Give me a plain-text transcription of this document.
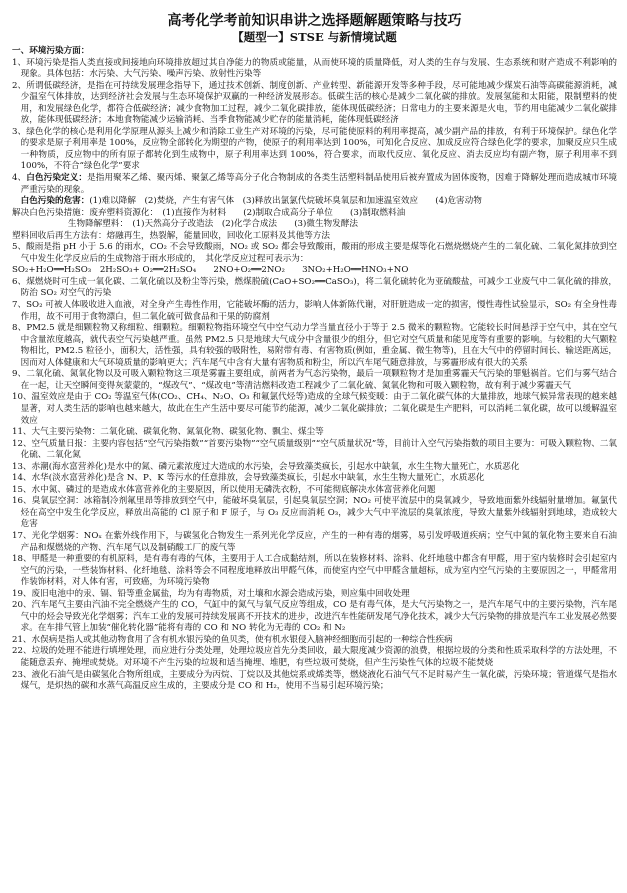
高考化学考前知识串讲之选择题解题策略与技巧

【题型一】STSE 与新情境试题

一、环境污染方面：

1、环境污染是指人类直接或间接地向环境排放超过其自净能力的物质或能量，从而使环境的质量降低，对人类的生存与发展、生态系统和财产造成不利影响的现象。具体包括：水污染、大气污染、噪声污染、放射性污染等

2、所谓低碳经济，是指在可持续发展理念指导下，通过技术创新、制度创新、产业转型、新能源开发等多种手段，尽可能地减少煤炭石油等高碳能源消耗，减少温室气体排放，达到经济社会发展与生态环境保护双赢的一种经济发展形态。低碳生活的核心是减少二氧化碳的排放。发展氢能和太阳能，限制塑料的使用，和发展绿色化学，都符合低碳经济；减少食物加工过程，减少二氧化碳排放，能体现低碳经济；日常电力的主要来源是火电，节约用电能减少二氧化碳排放，能体现低碳经济；本地食物能减少运输消耗、当季食物能减少贮存的能量消耗，能体现低碳经济

3、绿色化学的核心是利用化学原理从源头上减少和消除工业生产对环境的污染，尽可能使原料的利用率提高，减少副产品的排放，有利于环境保护。绿色化学的要求是原子利用率是 100%，反应物全部转化为期望的产物，使原子的利用率达到 100%，可知化合反应、加成反应符合绿色化学的要求，加聚反应只生成一种物质，反应物中的所有原子都转化到生成物中，原子利用率达到 100%，符合要求，而取代反应、氧化反应、消去反应均有副产物，原子利用率不到 100%，不符合“绿色化学”要求

4、白色污染定义：是指用聚苯乙烯、聚丙烯、聚氯乙烯等高分子化合物制成的各类生活塑料制品使用后被弃置成为固体废物，因难于降解处理而造成城市环境严重污染的现象。

　白色污染的危害：(1)难以降解　(2)焚烧，产生有害气体　(3)释放出氯氯代烷破坏臭氧层和加速温室效应　　(4)危害动物

解决白色污染措施：废弃塑料资源化：　(1)直接作为材料　　(2)制取合成高分子单位　　(3)制取燃料油

生物降解塑料：　(1)天然高分子改造法　(2)化学合成法　　(3)微生物发酵法

塑料回收后再生方法有：熔融再生，热裂解，能量回收，回收化工原料及其他等方法

5、酸雨是指 pH 小于 5.6 的雨水，CO₂ 不会导致酸雨，NO₂ 或 SO₂ 都会导致酸雨，酸雨的形成主要是煤等化石燃烧燃烧产生的二氧化硫、二氧化氮排放到空气中发生化学反应后的生成物溶于雨水形成的，　其化学反应过程可表示为：

SO₂+H₂O══H₂SO₃　2H₂SO₃+ O₂══2H₂SO₄　　2NO+O₂══2NO₂　　3NO₂+H₂O══HNO₃+NO

6、煤燃烧时可生成一氧化碳、二氧化硫以及粉尘等污染，燃煤脱硫(CaO+SO₂══CaSO₃)，将二氧化硫转化为亚硫酸盐，可减少工业废气中二氧化硫的排放，防治 SO₂ 对空气的污染

7、SO₂ 可被人体吸收进入血液，对全身产生毒性作用，它能破坏酶的活力，影响人体新陈代谢，对肝脏造成一定的损害，慢性毒性试验显示，SO₂ 有全身性毒作用，故不可用于食物漂白，但二氧化硫可做食品和干果的防腐剂

8、PM2.5 就是细颗粒物又称细粒、细颗粒。细颗粒物指环境空气中空气动力学当量直径小于等于 2.5 微米的颗粒物。它能较长时间悬浮于空气中，其在空气中含量浓度越高，就代表空气污染越严重。虽然 PM2.5 只是地球大气成分中含量很少的组分，但它对空气质量和能见度等有重要的影响。与较粗的大气颗粒物相比，PM2.5 粒径小，面积大，活性强，具有较强的吸附性，易附带有毒、有害物质(例如，重金属、微生物等)，且在大气中的停留时间长、输送距离远，因而对人体健康和大气环境质量的影响更大；汽车尾气中含有大量有害物质和粉尘，所以汽车尾气随意排放，与雾霾形成有很大的关系

9、二氧化硫、氮氧化物以及可吸入颗粒物这三项是雾霾主要组成，前两者为气态污染物，最后一项颗粒物才是加重雾霾天气污染的罪魁祸首。它们与雾气结合在一起，让天空瞬间变得灰蒙蒙的，“煤改气”、“煤改电”等清洁燃料改造工程减少了二氧化硫、氮氧化物和可吸入颗粒物，故有利于减少雾霾天气

10、温室效应是由于 CO₂ 等温室气体(CO₂、CH₄、N₂O、O₃ 和氟氯代烃等)造成的全球气候变暖：由于二氧化碳气体的大量排放，地球气候异常表现的越来越显著，对人类生活的影响也越来越大，故此在生产生活中要尽可能节约能源，减少二氧化碳排放；二氧化碳是生产肥料，可以消耗二氧化碳，故可以缓解温室效应

11、大气主要污染物：二氧化硫、碳氧化物、氮氧化物、碳氢化物、飘尘、煤尘等

12、空气质量日报：主要内容包括“空气污染指数”“首要污染物”“空气质量级别”“空气质量状况”等，目前计入空气污染指数的项目主要为：可吸入颗粒物、二氧化硫、二氧化氮

13、赤潮(海水富营养化)是水中的氮、磷元素浓度过大造成的水污染，会导致藻类疯长，引起水中缺氧，水生生物大量死亡，水质恶化

14、水华(淡水富营养化)是含 N、P、K 等污水的任意排放，会导致藻类疯长，引起水中缺氧，水生生物大量死亡，水质恶化

15、水中氮、磷过的是造成水体富营养化的主要原因，所以使用无磷洗衣粉，不可能彻底解决水体富营养化问题

16、臭氧层空洞：冰箱制冷剂氟里昂等排放到空气中，能破坏臭氧层，引起臭氧层空洞；NO₂ 可使平流层中的臭氧减少，导致地面紫外线辐射量增加。氟氯代烃在高空中发生化学反应，释放出高能的 Cl 原子和 F 原子，与 O₃ 反应而消耗 O₃，减少大气中平流层的臭氧浓度，导致大量紫外线辐射到地球，造成较大危害

17、光化学烟雾：NOₓ 在紫外线作用下，与碳氢化合物发生一系列光化学反应，产生的一种有毒的烟雾，易引发呼吸道疾病；空气中氮的氧化物主要来自石油产品和煤燃烧的产物、汽车尾气以及制硝酸工厂的废气等

18、甲醛是一种重要的有机原料，是有毒有毒的气体，主要用于人工合成黏结剂，所以在装修材料、涂料、化纤地毯中都含有甲醛，用于室内装修时会引起室内空气的污染，一些装饰材料、化纤地毯、涂料等会不同程度地释放出甲醛气体，而使室内空气中甲醛含量超标，成为室内空气污染的主要原因之一，甲醛常用作装饰材料，对人体有害，可致癌，为环境污染物

19、废旧电池中的汞、镉、铅等重金属盐，均为有毒物质，对土壤和水源会造成污染，则应集中回收处理

20、汽车尾气主要由汽油不完全燃烧产生的 CO，气缸中的氮气与氧气反应等组成，CO 是有毒气体，是大气污染物之一，是汽车尾气中的主要污染物，汽车尾气中的烃会导致光化学烟雾；汽车工业的发展可持续发展离不开技术的进步，改进汽车性能研发尾气净化技术，减少大气污染物的排放是汽车工业发展必然要求。在车排气管上加装“催化转化器”能将有毒的 CO 和 NO 转化为无毒的 CO₂ 和 N₂

21、水俣病是指人或其他动物食用了含有机水银污染的鱼贝类，使有机水银侵入脑神经细胞而引起的一种综合性疾病

22、垃圾的处理不能进行填埋处理，而应进行分类处理，处理垃圾应首先分类回收，最大限度减少资源的浪费，根据垃圾的分类和性质采取科学的方法处理，不能随意丢弃、掩埋或焚烧。对环境不产生污染的垃圾和适当掩埋、堆肥，有些垃圾可焚烧，但产生污染性气体的垃圾不能焚烧

23、液化石油气是由碳氢化合物所组成，主要成分为丙烷、丁烷以及其他烷系或烯类等，燃烧液化石油气气不足时易产生一氧化碳，污染环境；管道煤气是指水煤气，是炽热的碳和水蒸气高温反应生成的，主要成分是 CO 和 H₂，使用不当易引起环境污染；
